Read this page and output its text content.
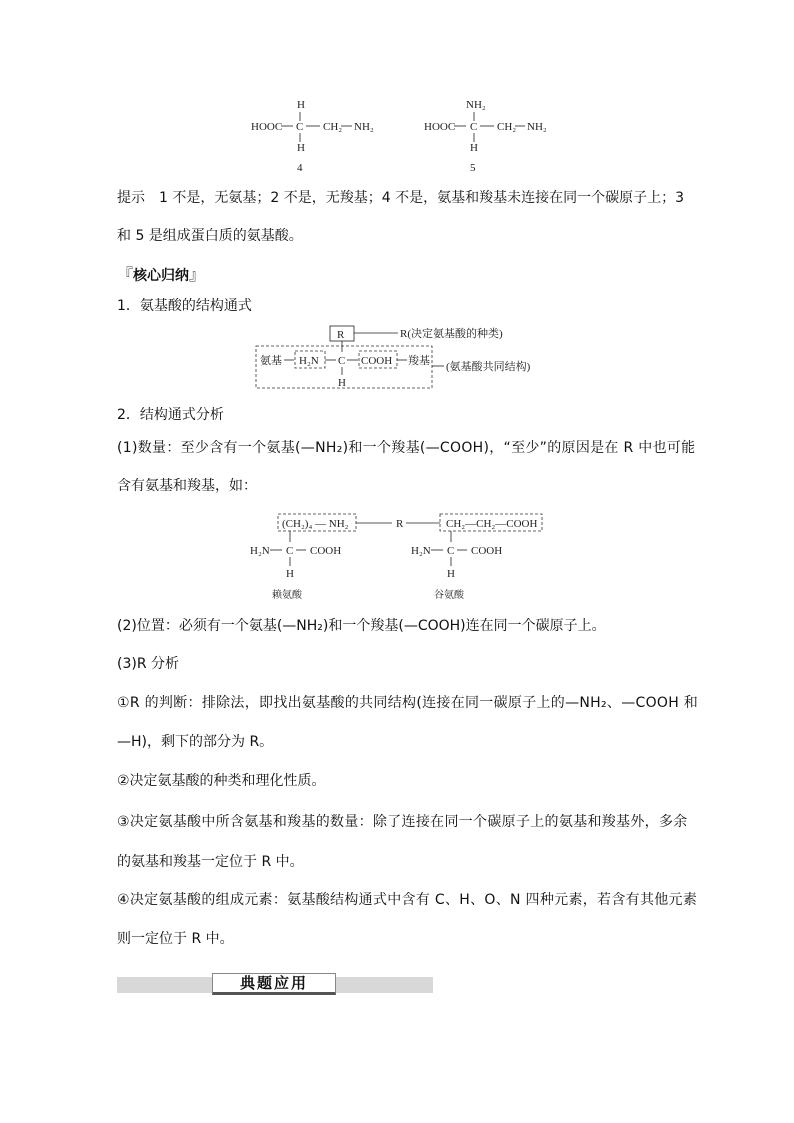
H
HOOC C CH₂ NH₂
H
4
NH₂
HOOC C CH₂ NH₂
H
5
提示　1 不是，无氨基；2 不是，无羧基；4 不是，氨基和羧基未连接在同一个碳原子上；3
和 5 是组成蛋白质的氨基酸。
『核心归纳』
1．氨基酸的结构通式
R	R(决定氨基酸的种类)
氨基 H₂N C COOH 羧基
H
(氨基酸共同结构)
2．结构通式分析
(1)数量：至少含有一个氨基(—NH₂)和一个羧基(—COOH)，“至少”的原因是在 R 中也可能
含有氨基和羧基，如：
(CH₂)₄ — NH₂	R
H₂N C COOH
H
赖氨酸
CH₂—CH₂—COOH
H₂N C COOH
H
谷氨酸
(2)位置：必须有一个氨基(—NH₂)和一个羧基(—COOH)连在同一个碳原子上。
(3)R 分析
①R 的判断：排除法，即找出氨基酸的共同结构(连接在同一碳原子上的—NH₂、—COOH 和
—H)，剩下的部分为 R。
②决定氨基酸的种类和理化性质。
③决定氨基酸中所含氨基和羧基的数量：除了连接在同一个碳原子上的氨基和羧基外，多余
的氨基和羧基一定位于 R 中。
④决定氨基酸的组成元素：氨基酸结构通式中含有 C、H、O、N 四种元素，若含有其他元素
则一定位于 R 中。
典题应用
